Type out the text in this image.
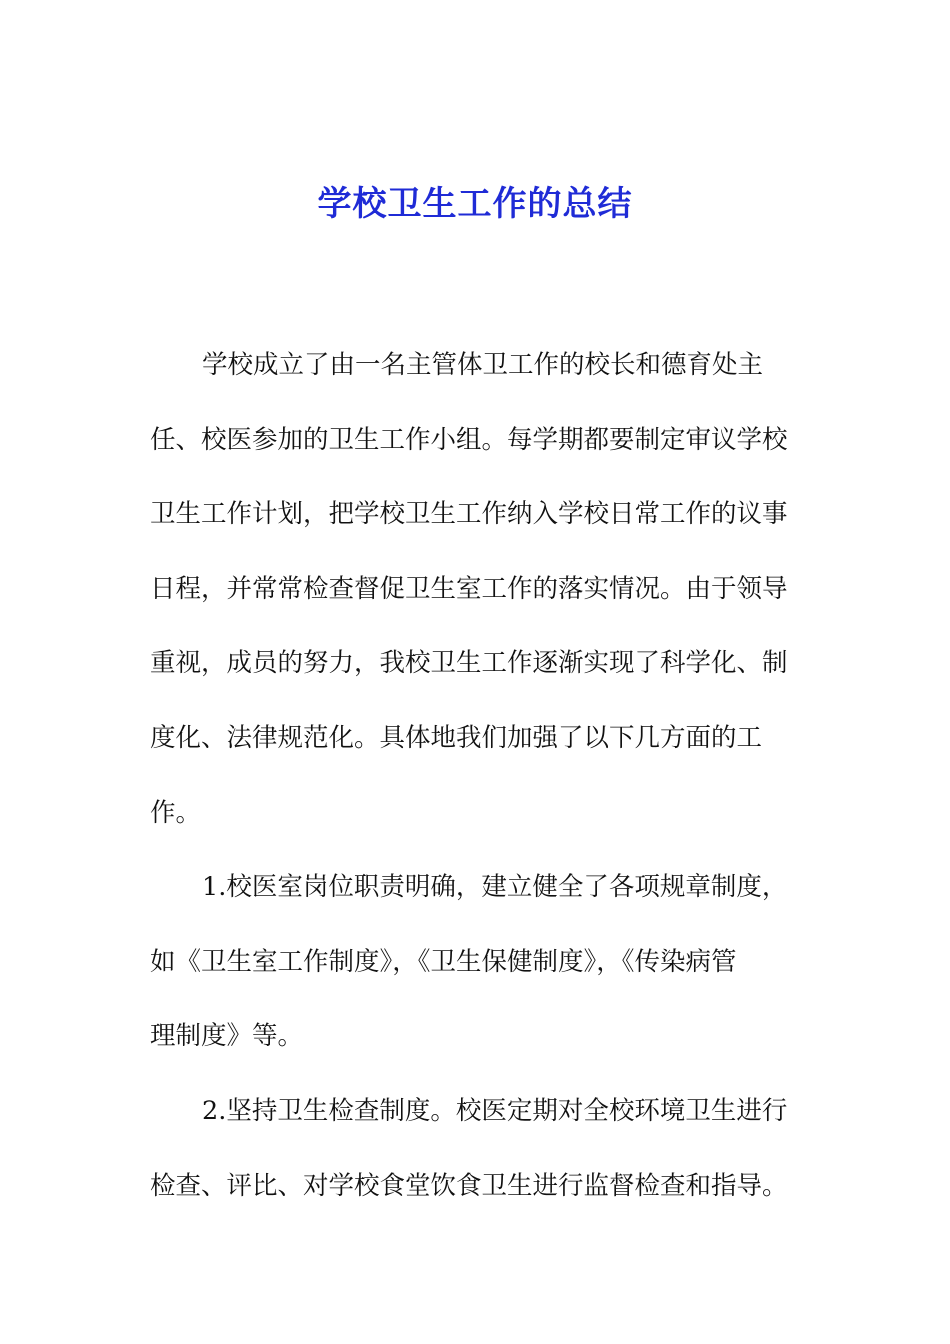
学校卫生工作的总结
学校成立了由一名主管体卫工作的校长和德育处主
任、校医参加的卫生工作小组。每学期都要制定审议学校
卫生工作计划，把学校卫生工作纳入学校日常工作的议事
日程，并常常检查督促卫生室工作的落实情况。由于领导
重视，成员的努力，我校卫生工作逐渐实现了科学化、制
度化、法律规范化。具体地我们加强了以下几方面的工
作。
1.校医室岗位职责明确，建立健全了各项规章制度，
如《卫生室工作制度》，《卫生保健制度》，《传染病管
理制度》等。
2.坚持卫生检查制度。校医定期对全校环境卫生进行
检查、评比、对学校食堂饮食卫生进行监督检查和指导。
